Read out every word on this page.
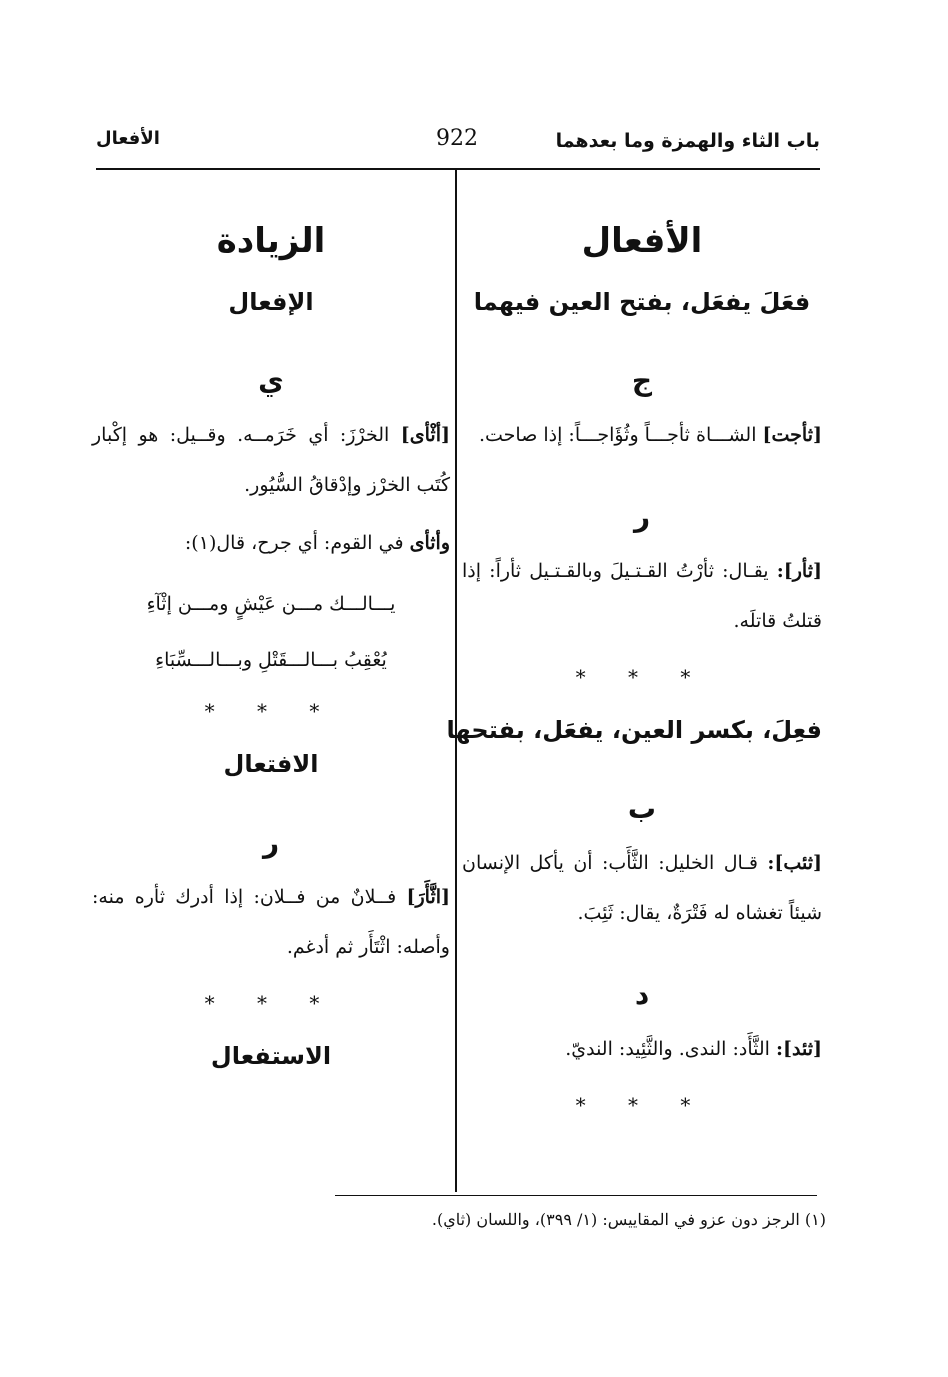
باب الثاء والهمزة وما بعدهما
922
الأفعال
الأفعال
فعَلَ يفعَل، بفتح العين فيهما
ج

[ثأجت] الشـــاة ثأجـــاً وثُؤَاجـــاً: إذا صاحت.

ر

[ثأر]: يقـال: ثأرْتُ القـتـيلَ وبالقـتـيل ثأراً: إذا قتلتُ قاتلَه.

* * *
فعِلَ، بكسر العين، يفعَل، بفتحها
ب

[ثئب]: قـال الخليل: الثَّأَب: أن يأكل الإنسان شيئاً تغشاه له فَتْرَةٌ، يقال: ثَئِبَ.

د

[ثئد]: الثَّأَد: الندى. والثَّئِيد: النديّ.

* * *
الزيادة
الإفعال
ي

[أثْأى] الخرْزَ: أي خَرَمــه. وقــيل: هو إكْبار كُتَب الخرْز وإدْقاقُ السُّيُور.

وأثأى في القوم: أي جرح، قال(١):

يـــالـــك مـــن عَيْشٍ ومـــن إثْآءِ

يُعْقِبُ بـــالـــقَتْلِ وبـــالـــسِّبَاءِ

* * *
الافتعال
ر

[اثَّأَرَ] فــلانٌ من فــلان: إذا أدرك ثأره منه: وأصله: اثْتَأَر ثم أدغم.

* * *
الاستفعال
(١) الرجز دون عزو في المقاييس: (١/ ٣٩٩)، واللسان (ثاي).
